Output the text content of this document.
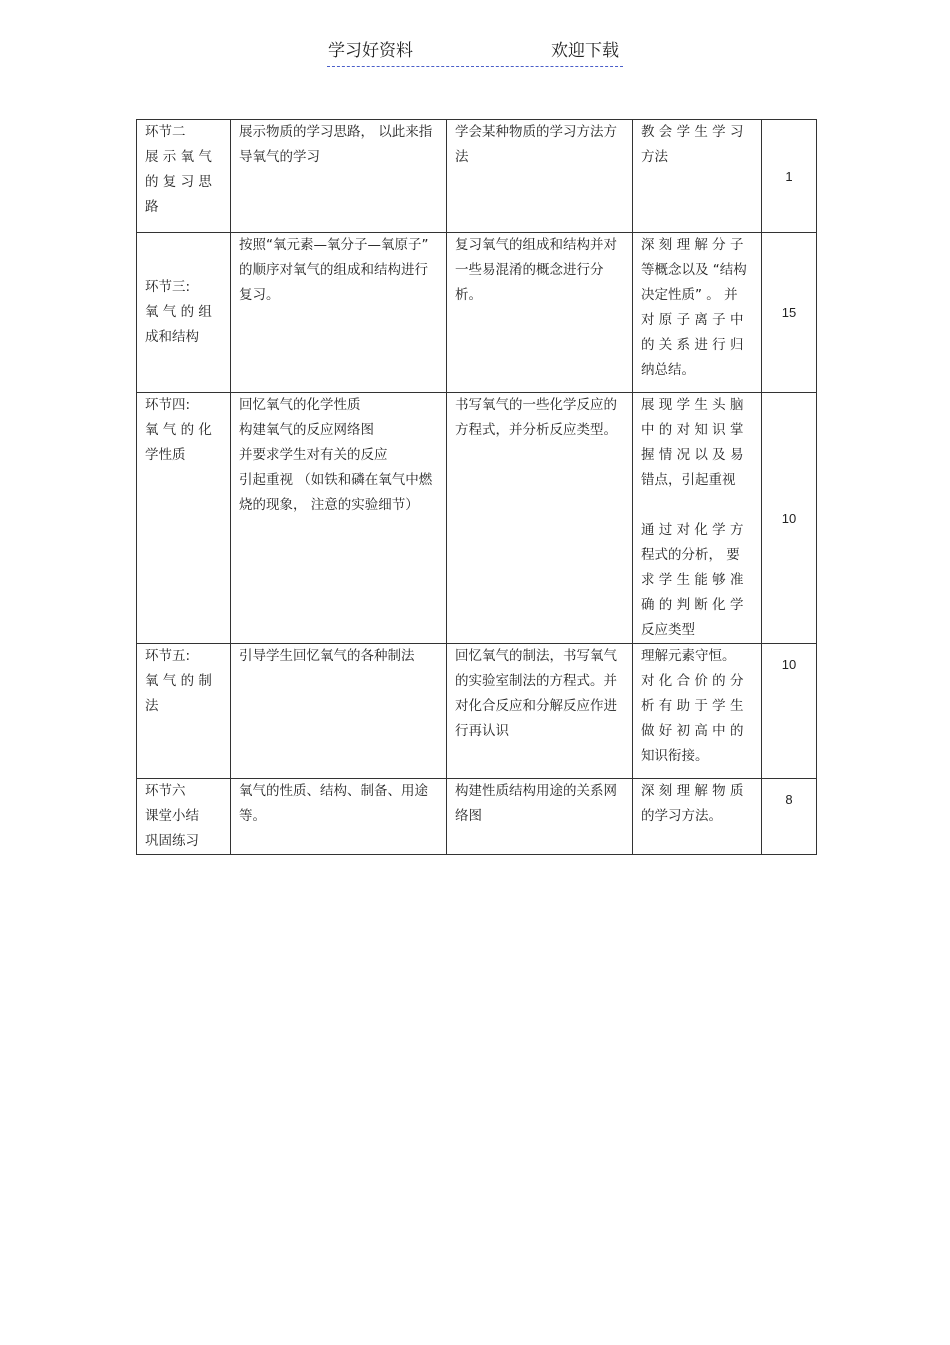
学习好资料	欢迎下载
环节二
展 示 氧 气
的 复 习 思
路	展示物质的学习思路， 以此来指导氧气的学习	学会某种物质的学习方法方法	教 会 学 生 学 习 方法	1

环节三:
氧 气 的 组
成和结构	按照“氧元素—氧分子—氧原子” 的顺序对氧气的组成和结构进行复习。	复习氧气的组成和结构并对一些易混淆的概念进行分析。	深 刻 理 解 分 子 等概念以及 “结构决定性质” 。 并 对 原 子 离 子 中 的 关 系 进 行 归纳总结。	15

环节四:
氧 气 的 化
学性质	回忆氧气的化学性质
构建氧气的反应网络图
并要求学生对有关的反应
引起重视 （如铁和磷在氧气中燃烧的现象， 注意的实验细节）	书写氧气的一些化学反应的方程式，并分析反应类型。	展 现 学 生 头 脑 中 的 对 知 识 掌 握 情 况 以 及 易 错点，引起重视
通 过 对 化 学 方 程式的分析， 要 求 学 生 能 够 准 确 的 判 断 化 学 反应类型	10

环节五:
氧 气 的 制
法	引导学生回忆氧气的各种制法	回忆氧气的制法，书写氧气的实验室制法的方程式。并对化合反应和分解反应作进行再认识	理解元素守恒。
对 化 合 价 的 分 析 有 助 于 学 生 做 好 初 高 中 的 知识衔接。	10

环节六
课堂小结
巩固练习	氧气的性质、结构、制备、用途等。	构建性质结构用途的关系网络图	深 刻 理 解 物 质 的学习方法。	8
